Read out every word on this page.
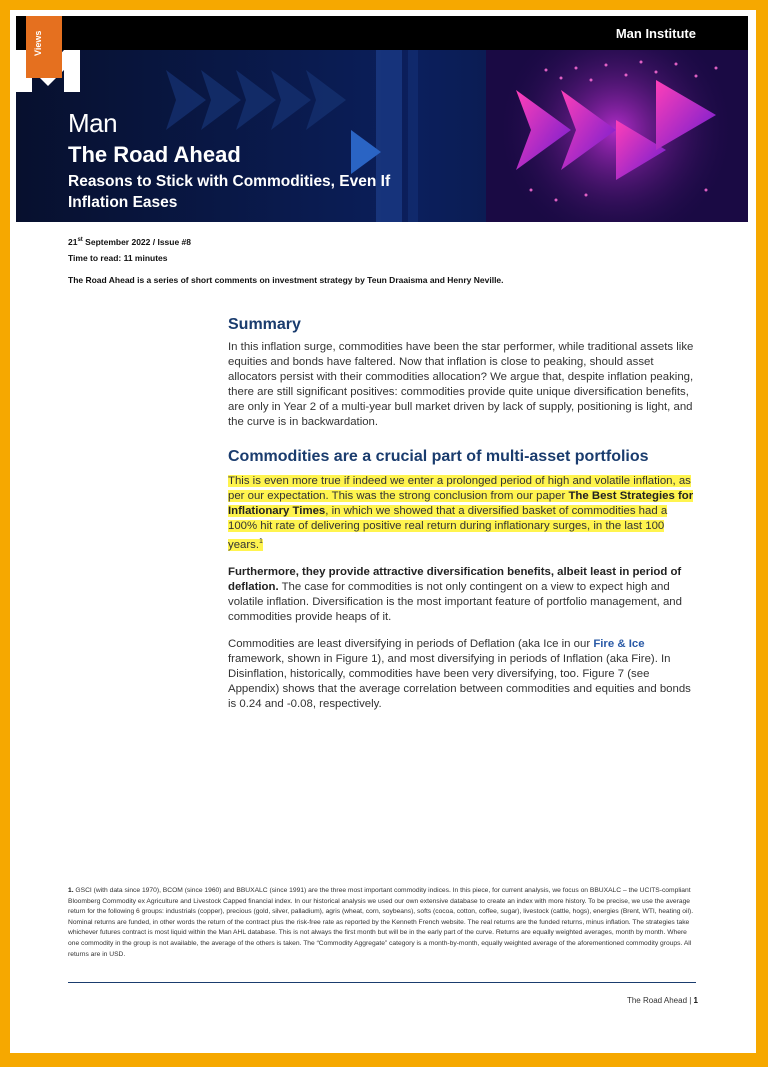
Man Institute
Views
Man
The Road Ahead
Reasons to Stick with Commodities, Even If Inflation Eases
21st September 2022 / Issue #8
Time to read: 11 minutes
The Road Ahead is a series of short comments on investment strategy by Teun Draaisma and Henry Neville.
Summary

In this inflation surge, commodities have been the star performer, while traditional assets like equities and bonds have faltered. Now that inflation is close to peaking, should asset allocators persist with their commodities allocation? We argue that, despite inflation peaking, there are still significant positives: commodities provide quite unique diversification benefits, are only in Year 2 of a multi-year bull market driven by lack of supply, positioning is light, and the curve is in backwardation.

Commodities are a crucial part of multi-asset portfolios

This is even more true if indeed we enter a prolonged period of high and volatile inflation, as per our expectation. This was the strong conclusion from our paper The Best Strategies for Inflationary Times, in which we showed that a diversified basket of commodities had a 100% hit rate of delivering positive real return during inflationary surges, in the last 100 years.$^1$

Furthermore, they provide attractive diversification benefits, albeit least in period of deflation. The case for commodities is not only contingent on a view to expect high and volatile inflation. Diversification is the most important feature of portfolio management, and commodities provide heaps of it.

Commodities are least diversifying in periods of Deflation (aka Ice in our Fire & Ice framework, shown in Figure 1), and most diversifying in periods of Inflation (aka Fire). In Disinflation, historically, commodities have been very diversifying, too. Figure 7 (see Appendix) shows that the average correlation between commodities and equities and bonds is 0.24 and -0.08, respectively.

1. GSCI (with data since 1970), BCOM (since 1960) and BBUXALC (since 1991) are the three most important commodity indices. In this piece, for current analysis, we focus on BBUXALC – the UCITS-compliant Bloomberg Commodity ex Agriculture and Livestock Capped financial index. In our historical analysis we used our own extensive database to create an index with more history. To be precise, we use the average return for the following 6 groups: industrials (copper), precious (gold, silver, palladium), agris (wheat, corn, soybeans), softs (cocoa, cotton, coffee, sugar), livestock (cattle, hogs), energies (Brent, WTI, heating oil). Nominal returns are funded, in other words the return of the contract plus the risk-free rate as reported by the Kenneth French website. The real returns are the funded returns, minus inflation. The strategies take whichever futures contract is most liquid within the Man AHL database. This is not always the first month but will be in the early part of the curve. Returns are equally weighted averages, month by month. Where one commodity in the group is not available, the average of the others is taken. The “Commodity Aggregate” category is a month-by-month, equally weighted average of the aforementioned commodity groups. All returns are in USD.
The Road Ahead | 1
